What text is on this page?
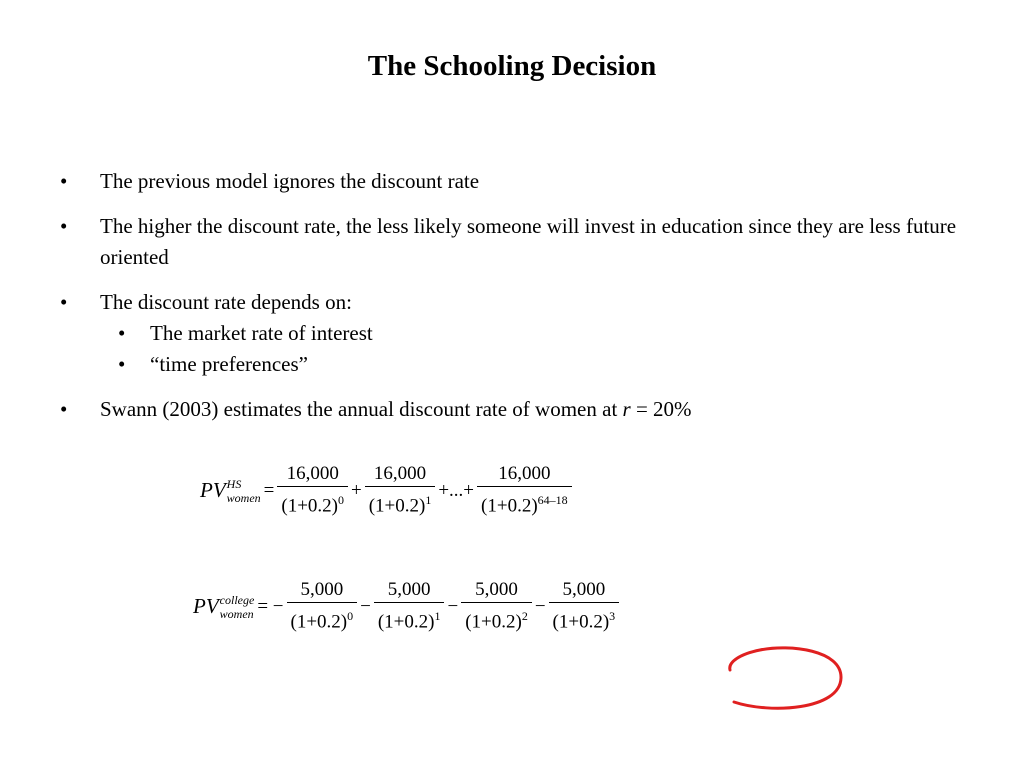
The Schooling Decision
• The previous model ignores the discount rate
• The higher the discount rate, the less likely someone will invest in education since they are less future oriented
• The discount rate depends on:
• The market rate of interest
• “time preferences”
• Swann (2003) estimates the annual discount rate of women at r = 20%
PV HS
women = $\frac{16,000}{(1+0.2)^0} + \frac{16,000}{(1+0.2)^1}$ +...+ $\frac{16,000}{(1+0.2)^{64-18}}$
PV college
women = − $\frac{5,000}{(1+0.2)^0} - \frac{5,000}{(1+0.2)^1} - \frac{5,000}{(1+0.2)^2} - \frac{5,000}{(1+0.2)^3}$
